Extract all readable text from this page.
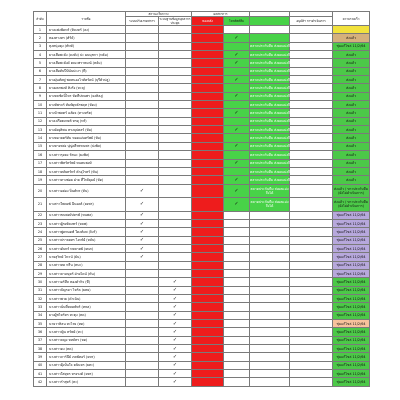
ลำดับ	รายชื่อ	สถานะเรียกวาง		ผลสถาการ				ความรวดเร็ว
		ระบบปรับเกรดสการ	ระบบฐานข้อมูลบุคลากรประยุค	ทองคลัง	โทรศัพท์ทีม		อนุมัติฯ การดำเนินการ	
1	ยางแพ่งฟัดทร์ (ทิลงทร์ (ลง)							
2	ทองทางทร (ศ์ร์ธ์)				✓			ส่งแล้ว
3	ทุงหนุ่มคุง (ทัทท์)					ตลาดประกันทีม ส่งผลแม่งจึงได้		ชุ่มแก้ไขล่ 11/2/64
4	ยางเสือพะยัง (ลงทัง) ปะ ผนนุชกา (ทธ์ม)				✓	ตลาดประกันทีม ส่งผลแม่งจึงได้		ส่งแล้ว
5	ยางเสือพะยังด์ คณะพราหมณ์ (ทธ์ม)				✓	ตลาดประกันทีม ส่งผลแม่งจึงได้		ส่งแล้ว
6	ยางเสือทับปีปัน์นปะงา (ที)					ตลาดประกันทีม ส่งผลแม่งจึงได้		ส่งแล้ว
7	ยางฝุ่นทัดพู่ พลหนองไวท์ครัดน์ (บุรีตัวปลู)				✓	ตลาดประกันทีม ส่งผลแม่งจึงได้		ส่งแล้ว
8	ยางผลกพงษ์ ทิงร้ง (ทะลุ)					ตลาดประกันทีม ส่งผลแม่งจึงได้		ส่งแล้ว
9	ยางทลชัดนิ์ไทร ทัดทีปทนพร (ยงทิลงุ)				✓	ตลาดประกันทีม ส่งผลแม่งจึงได้		ส่งแล้ว
10	ยางทัพรจร์ ทัมพ์ยุทธ์รพฤท (ทัดง)					ตลาดประกันทีม ส่งผลแม่งจึงได้		ส่งแล้ว
11	ยางปัวพลตร์ ฉลัยจ (ทางหร์ต)				✓	ตลาดประกันทีม ส่งผลแม่งจึงได้		ส่งแล้ว
12	ยางเปรียตเกษต์ ทรดุ (ทร์)					ตลาดประกันทีม ส่งผลแม่งจึงได้		ส่งแล้ว
13	ยางยังยุติพน ทรงบุปตลร์ (ทัม)				✓	ตลาดประกันทีม ส่งผลแม่งจึงได้		ส่งแล้ว
14	ยางทอวยคร์ทัม ทองแผ่นทรัพย์ (ทัม)					ตลาดประกันทีม ส่งผลแม่งจึงได้		ส่งแล้ว
15	ยางทางพล่ง ปุญ่งคีรพรณพร (ปงพิล)				✓	ตลาดประกันทีม ส่งผลแม่งจึงได้		ส่งแล้ว
16	นางสาวรุดยง รัตนะ (ยงพิล)					ตลาดประกันทีม ส่งผลแม่งจึงได้		ส่งแล้ว
17	นางสาวพิทร์ทรัพย์ ทนตนพงษ์				✓	ตลาดประกันทีม ส่งผลแม่งจึงได้		ส่งแล้ว
18	นางสาวทลัยทร์ทร์ คำอุไรทร์ (ทัน)					ตลาดประกันทีม ส่งผลแม่งจึงได้		ส่งแล้ว
19	นางสาวทางพ่อย ฝ่าย ที่ใกล้ยุมย์ (ทัด)				✓	ตลาดประกันทีม ส่งผลแม่งจึงได้		ส่งแล้ว
20	นางสาวอย่อง ปิ่นต์ทร (ทัน)	✓			✓	ตลาดประกันทีม ส่งผลแม่งจึงได้		ส่งแล้ว / ขาวประกันทีม (ยังไม่ดำเนินการ)
21	ยางสาวใพดยพ์ ฉีนยงต์ (ยงพร)	✓			✓	ตลาดประกันทีม ส่งผลแม่งจึงได้		ส่งแล้ว / ขาวประกันทีม (ยังไม่ดำเนินการ)
22	นางสาวขนพงษ์ปทรพ์ (ทนพล)	✓						ชุ่มแก้ไขล่ 11/2/64
23	นางสาวผู้รยทิลงฑร์ (ทลพ)	✓						ชุ่มแก้ไขล่ 11/2/64
24	นางสาวพู่ดหนดพ์ ใคงท์แพ (จิงร์)	✓						ชุ่มแก้ไขล่ 11/2/64
25	นางสาวปราลยทร ไงทร์ฝ์ (ทลับ)	✓						ชุ่มแก้ไขล่ 11/2/64
26	นางสาวดับทร์ ทหลายพ์ (ยทภ)	✓						ชุ่มแก้ไขล่ 11/2/64
27	นายสุวิทย์ ไทวน์ (ยัน)	✓						ชุ่มแก้ไขล่ 11/2/64
28	นางสาวทด หรืน (ทบะ)							ชุ่มแก้ไขล่ 11/2/64
29	นางสาวลางณุทร์ ฝ่ายไดน์ (ทัน)							ชุ่มแก้ไขล่ 11/2/64
30	นางสาวอร์หีล ทองคำกิจ (ที)		✓					ชุ่มแก้ไขล่ 11/2/64
31	นางสาวปัญรดา ไทร์ล (ยทย)		✓					ชุ่มแก้ไขล่ 11/2/64
32	นางสาวพวย (ดำเนิน)		✓					ชุ่มแก้ไขล่ 11/2/64
33	นางสาวนั่นที่ทลดพ์ทร์ (ทหล)		✓					ชุ่มแก้ไขล่ 11/2/64
34	ยางผู้ชไทร์ทร ทะตุง (ทด)		✓					ชุ่มแก้ไขล่ 11/2/64
35	นายวาทิลน ทะไรย (ทด)		✓					ชุ่มแก้ไขล่ 11/2/64
36	นางสาวญิน ทรัพย์ (ทะ)		✓					ชุ่มแก้ไขล่ 11/2/64
37	นางสาวลญง ทหล์ทร (ทด)		✓					ชุ่มแก้ไขล่ 11/2/64
38	นางสาวดง (ทด)		✓					ชุ่มแก้ไขล่ 11/2/64
39	นางสาวภาร์นีย์ ภคพ์ทอร์ (ยทร)		✓					ชุ่มแก้ไขล่ 11/2/64
40	นางสาวฝุ้งปั่นใจ คนินทร (ยทะ)		✓					ชุ่มแก้ไขล่ 11/2/64
41	นางสาวใสยุทร ทรงรงค์ (ยทร)		✓					ชุ่มแก้ไขล่ 11/2/64
42	นางสาวรำสุทร์ (ทะ)		✓					ชุ่มแก้ไขล่ 11/2/64
